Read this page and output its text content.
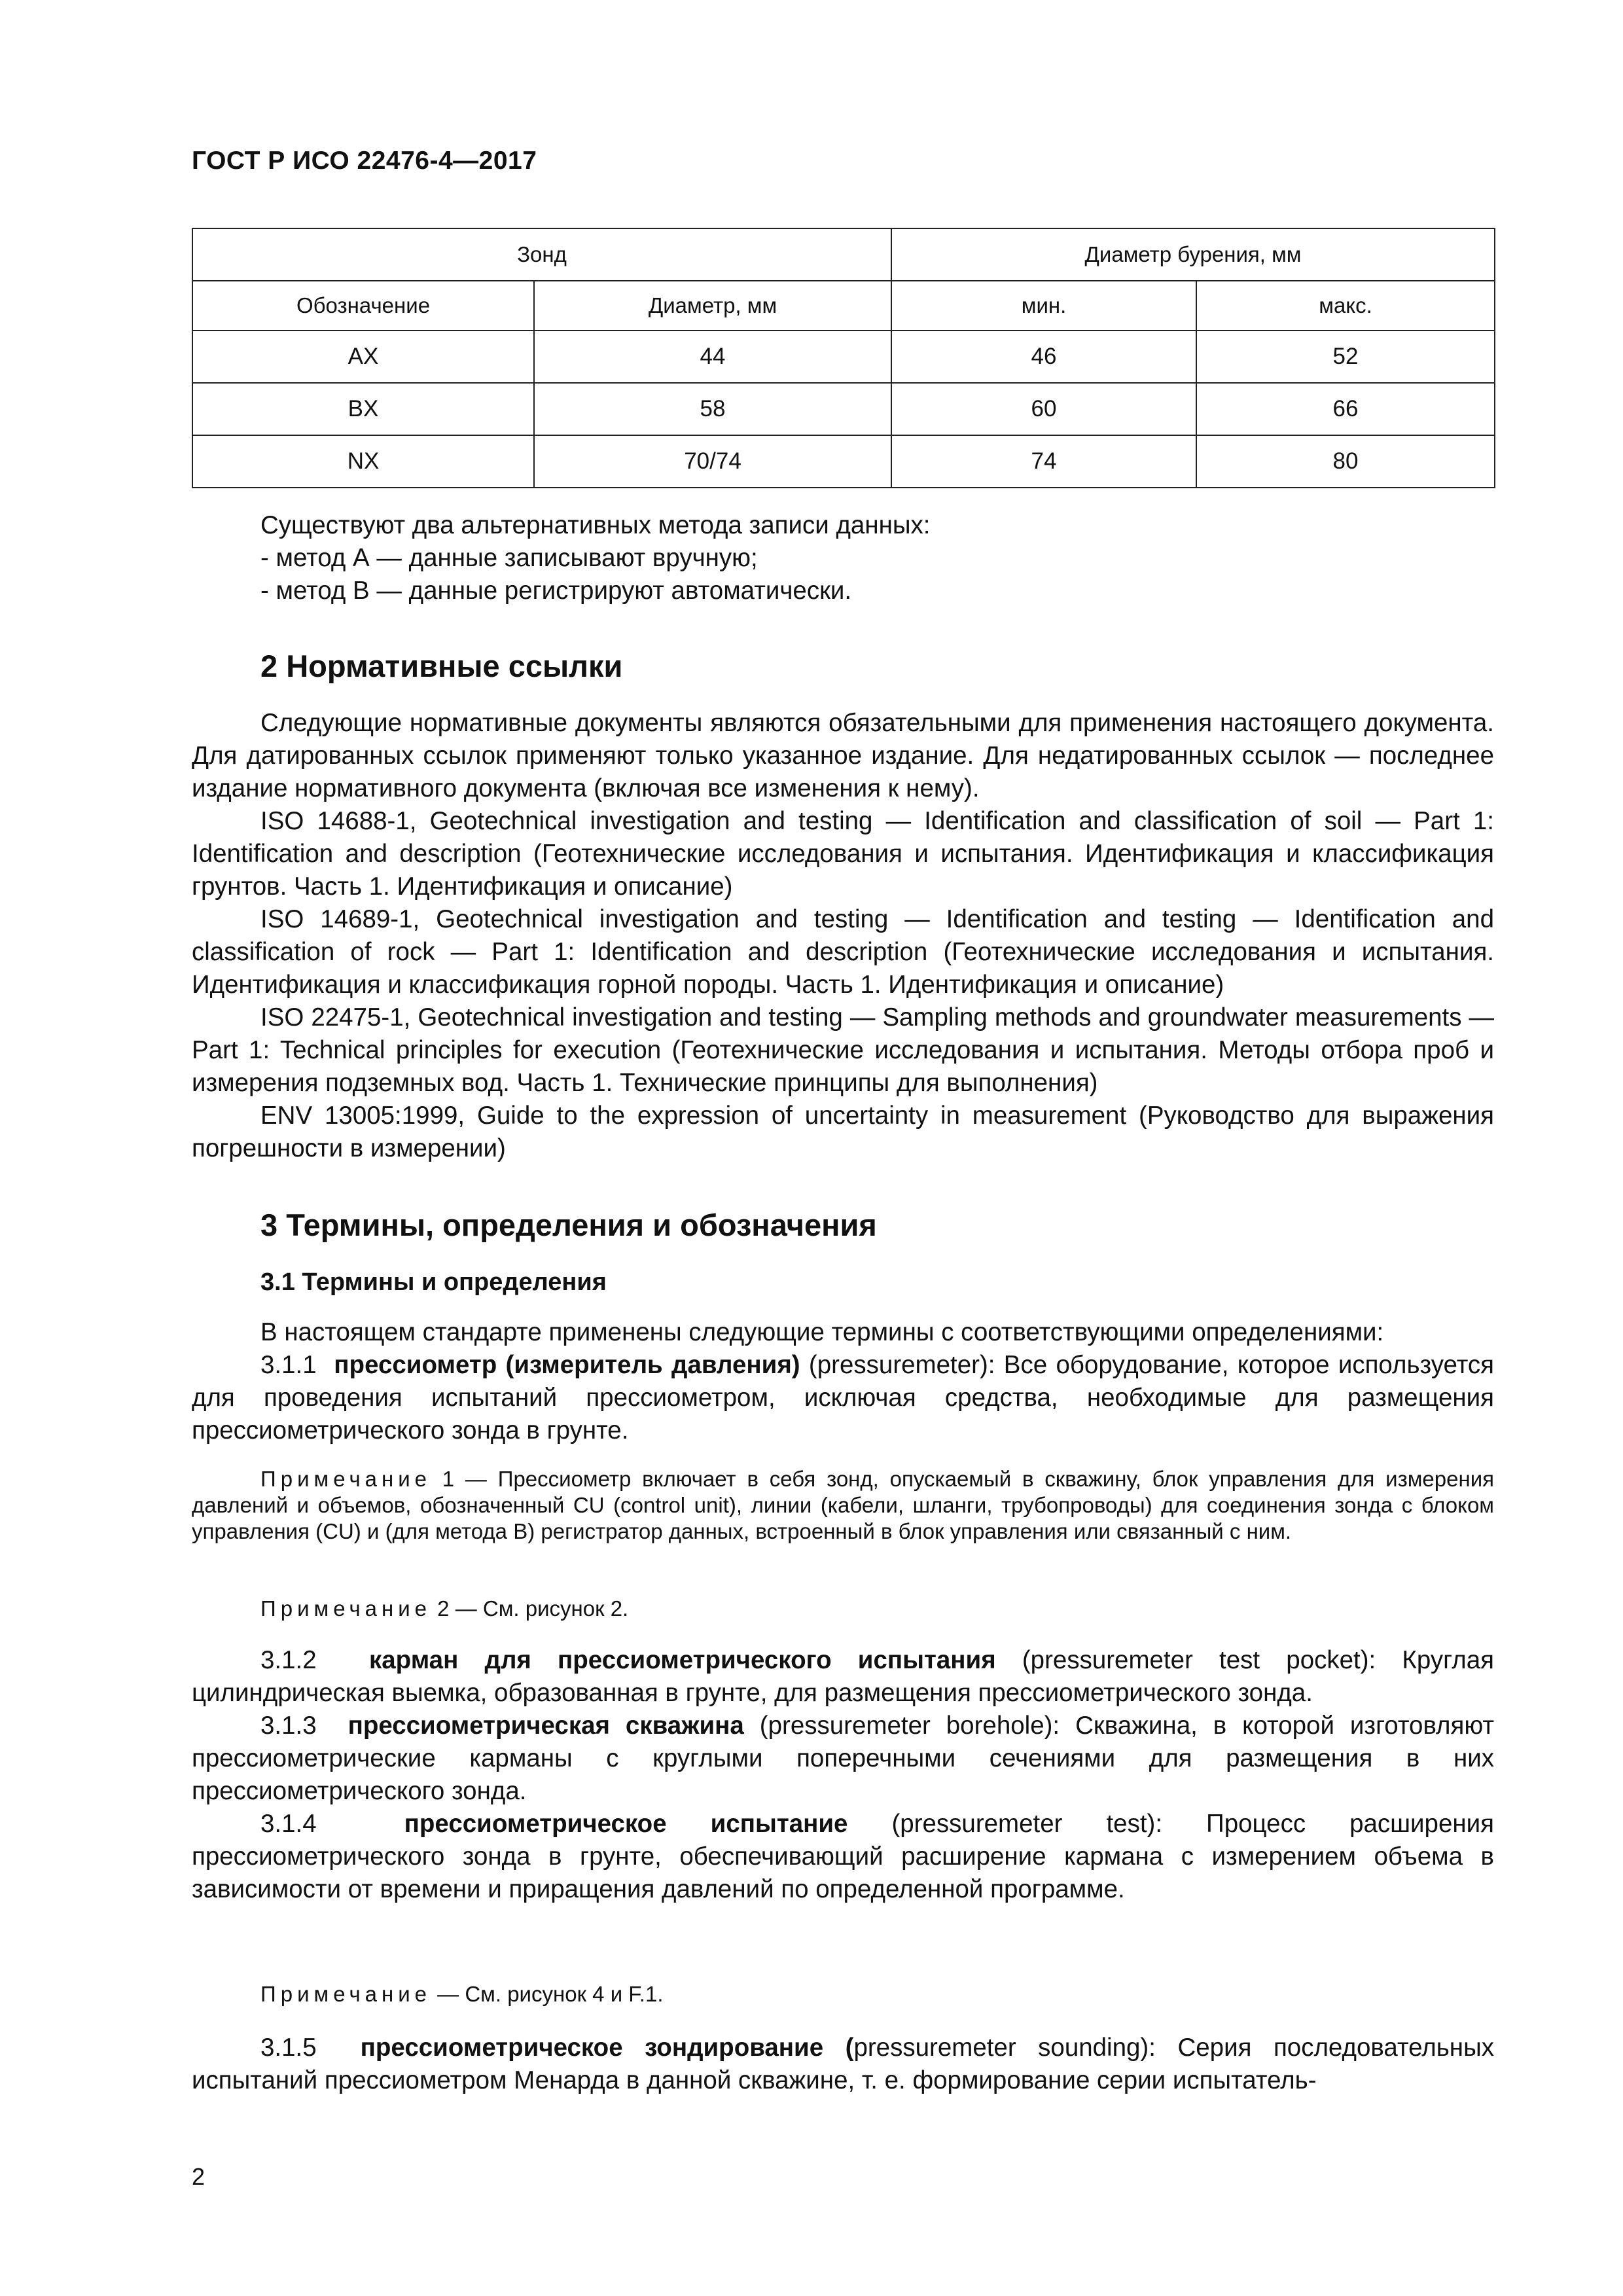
ГОСТ Р ИСО 22476-4—2017
Зонд		Диаметр бурения, мм	
Обозначение	Диаметр, мм	мин.	макс.
AX	44	46	52
BX	58	60	66
NX	70/74	74	80

Существуют два альтернативных метода записи данных:

- метод А — данные записывают вручную;

- метод В — данные регистрируют автоматически.

2 Нормативные ссылки

Следующие нормативные документы являются обязательными для применения настоящего документа. Для датированных ссылок применяют только указанное издание. Для недатированных ссылок — последнее издание нормативного документа (включая все изменения к нему).

ISO 14688-1, Geotechnical investigation and testing — Identification and classification of soil — Part 1: Identification and description (Геотехнические исследования и испытания. Идентификация и классификация грунтов. Часть 1. Идентификация и описание)

ISO 14689-1, Geotechnical investigation and testing — Identification and testing — Identification and classification of rock — Part 1: Identification and description (Геотехнические исследования и испытания. Идентификация и классификация горной породы. Часть 1. Идентификация и описание)

ISO 22475-1, Geotechnical investigation and testing — Sampling methods and groundwater measurements — Part 1: Technical principles for execution (Геотехнические исследования и испытания. Методы отбора проб и измерения подземных вод. Часть 1. Технические принципы для выполнения)

ENV 13005:1999, Guide to the expression of uncertainty in measurement (Руководство для выражения погрешности в измерении)

3 Термины, определения и обозначения
3.1 Термины и определения

В настоящем стандарте применены следующие термины с соответствующими определениями:

3.1.1 прессиометр (измеритель давления) (pressuremeter): Все оборудование, которое используется для проведения испытаний прессиометром, исключая средства, необходимые для размещения прессиометрического зонда в грунте.

Примечание 1 — Прессиометр включает в себя зонд, опускаемый в скважину, блок управления для измерения давлений и объемов, обозначенный CU (control unit), линии (кабели, шланги, трубопроводы) для соединения зонда с блоком управления (CU) и (для метода В) регистратор данных, встроенный в блок управления или связанный с ним.

Примечание 2 — См. рисунок 2.

3.1.2 карман для прессиометрического испытания (pressuremeter test pocket): Круглая цилиндрическая выемка, образованная в грунте, для размещения прессиометрического зонда.

3.1.3 прессиометрическая скважина (pressuremeter borehole): Скважина, в которой изготовляют прессиометрические карманы с круглыми поперечными сечениями для размещения в них прессиометрического зонда.

3.1.4	прессиометрическое испытание (pressuremeter test): Процесс расширения прессиометрического зонда в грунте, обеспечивающий расширение кармана с измерением объема в зависимости от времени и приращения давлений по определенной программе.

Примечание — См. рисунок 4 и F.1.

3.1.5 прессиометрическое зондирование (pressuremeter sounding): Серия последовательных испытаний прессиометром Менарда в данной скважине, т. е. формирование серии испытатель-

2
